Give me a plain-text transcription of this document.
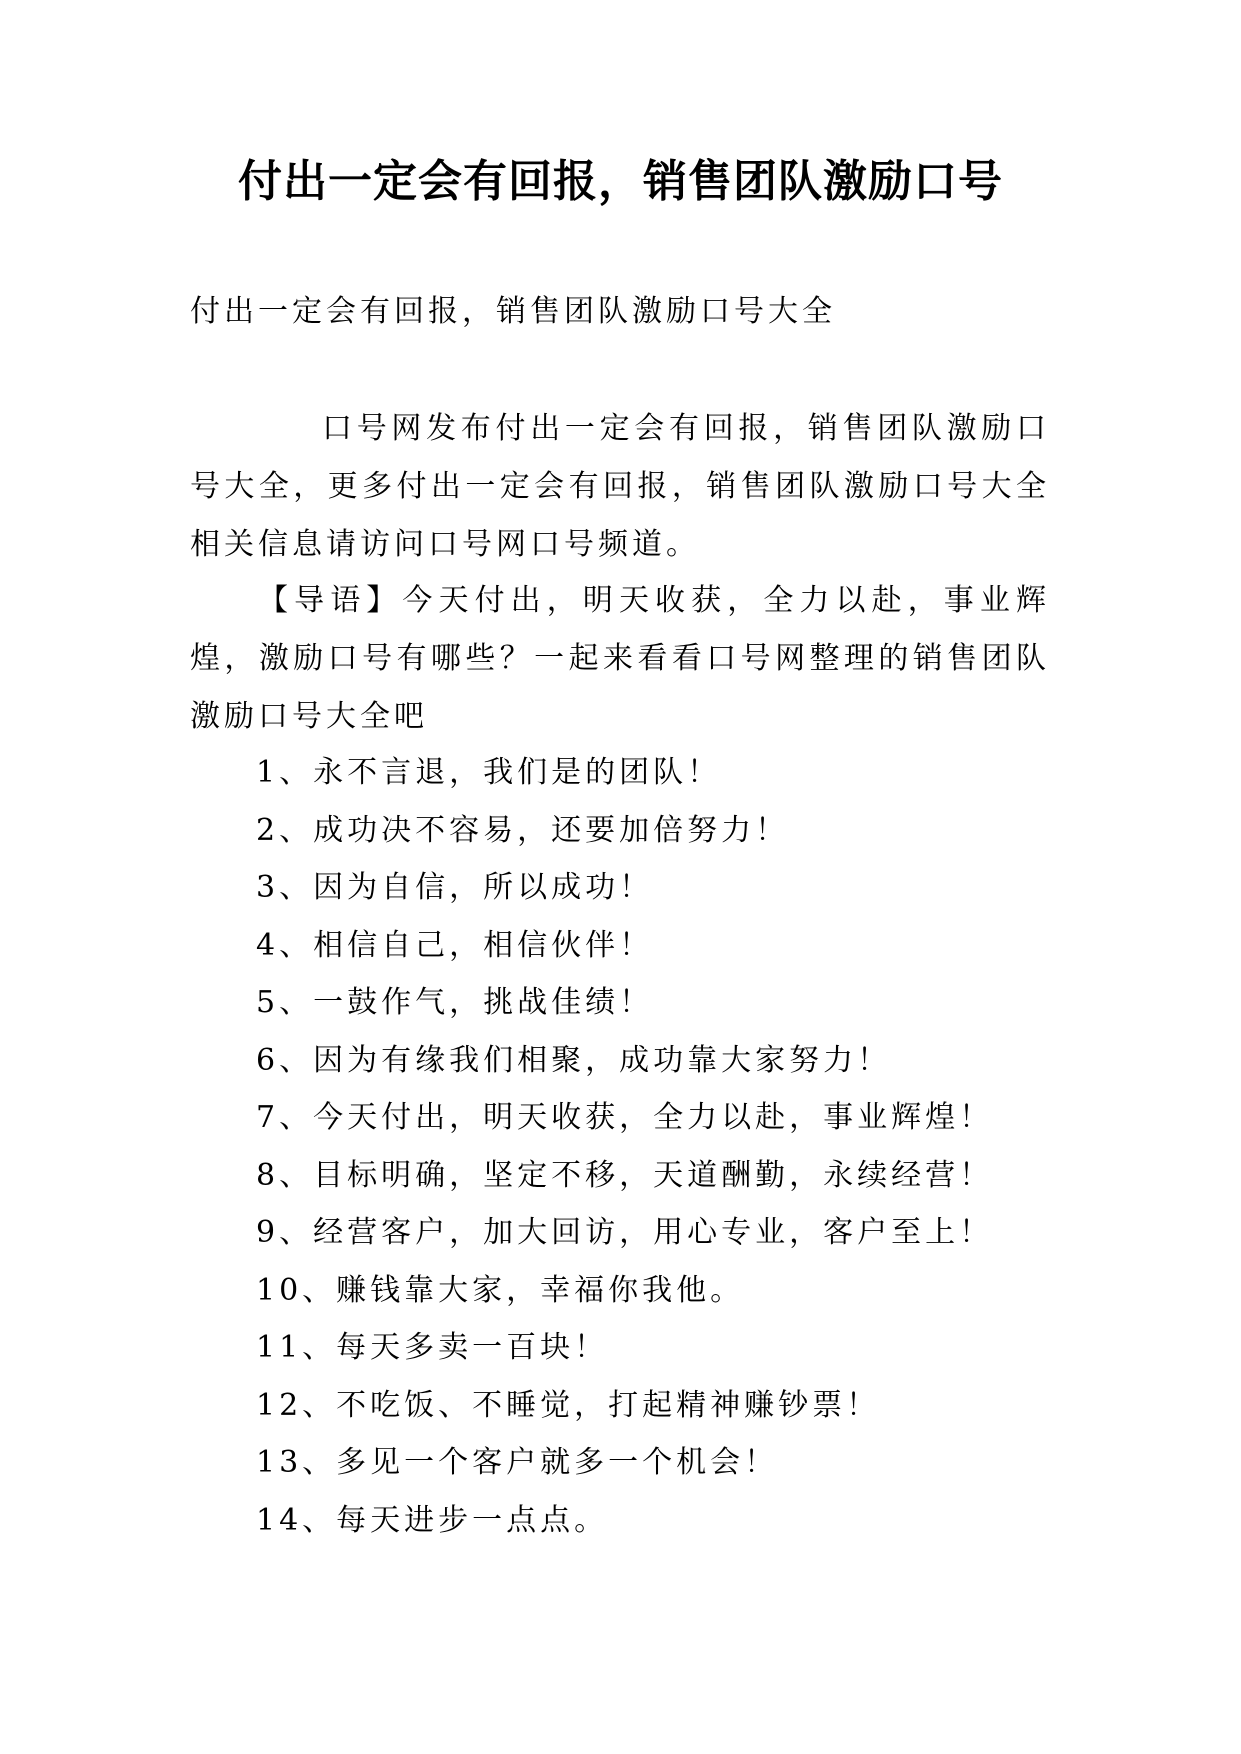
付出一定会有回报，销售团队激励口号
付出一定会有回报，销售团队激励口号大全

口号网发布付出一定会有回报，销售团队激励口号大全，更多付出一定会有回报，销售团队激励口号大全相关信息请访问口号网口号频道。

【导语】今天付出，明天收获，全力以赴，事业辉煌，激励口号有哪些？一起来看看口号网整理的销售团队激励口号大全吧

1、永不言退，我们是的团队！
2、成功决不容易，还要加倍努力！
3、因为自信，所以成功！
4、相信自己，相信伙伴！
5、一鼓作气，挑战佳绩！
6、因为有缘我们相聚，成功靠大家努力！
7、今天付出，明天收获，全力以赴，事业辉煌！
8、目标明确，坚定不移，天道酬勤，永续经营！
9、经营客户，加大回访，用心专业，客户至上！
10、赚钱靠大家，幸福你我他。
11、每天多卖一百块！
12、不吃饭、不睡觉，打起精神赚钞票！
13、多见一个客户就多一个机会！
14、每天进步一点点。
